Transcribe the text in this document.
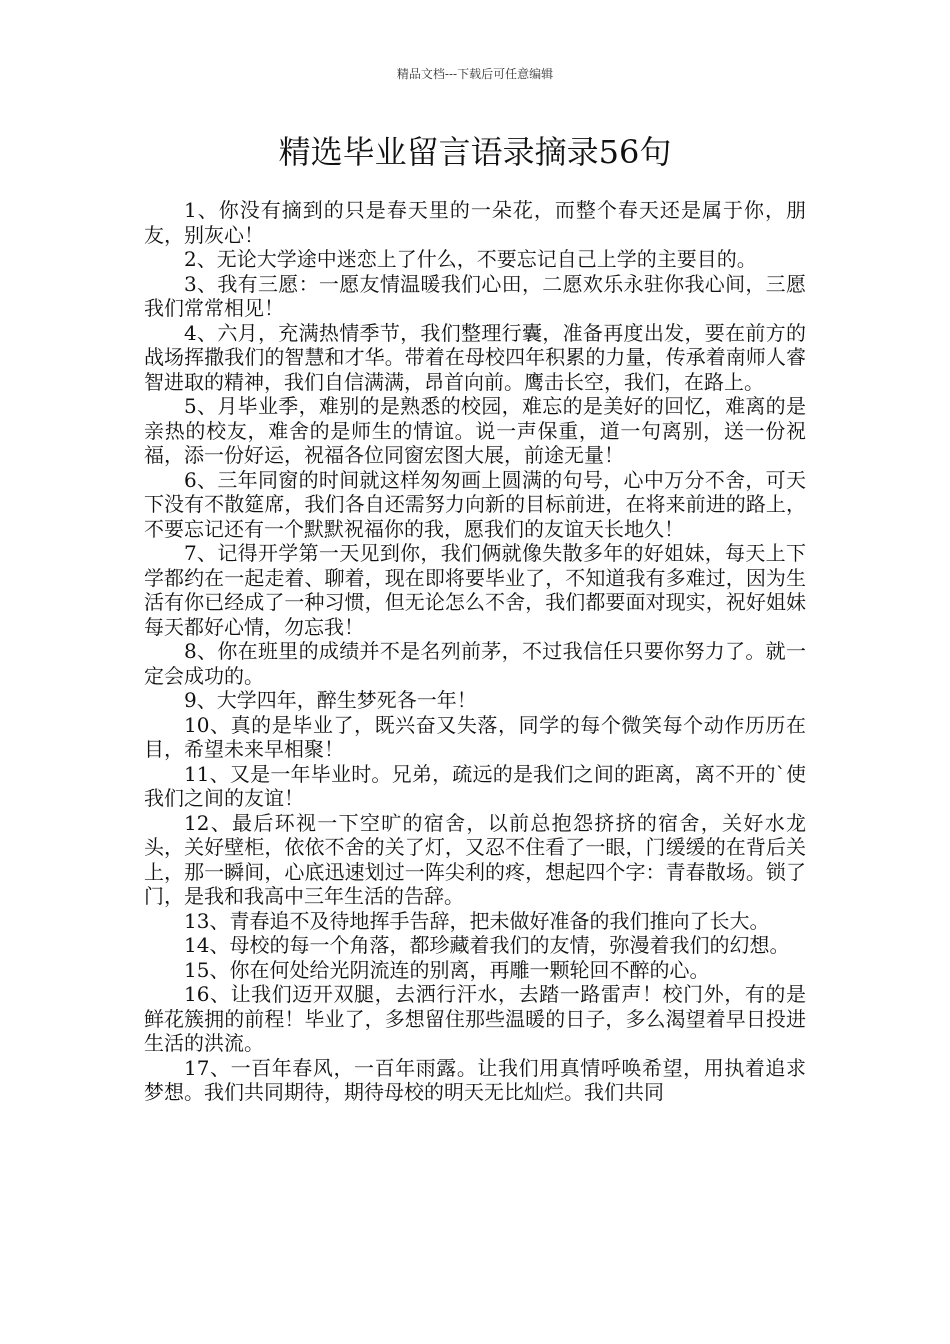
精品文档---下载后可任意编辑
精选毕业留言语录摘录56句

1、你没有摘到的只是春天里的一朵花，而整个春天还是属于你，朋友，别灰心！

2、无论大学途中迷恋上了什么，不要忘记自己上学的主要目的。

3、我有三愿：一愿友情温暖我们心田，二愿欢乐永驻你我心间，三愿我们常常相见！

4、六月，充满热情季节，我们整理行囊，准备再度出发，要在前方的战场挥撒我们的智慧和才华。带着在母校四年积累的力量，传承着南师人睿智进取的精神，我们自信满满，昂首向前。鹰击长空，我们，在路上。

5、月毕业季，难别的是熟悉的校园，难忘的是美好的回忆，难离的是亲热的校友，难舍的是师生的情谊。说一声保重，道一句离别，送一份祝福，添一份好运，祝福各位同窗宏图大展，前途无量！

6、三年同窗的时间就这样匆匆画上圆满的句号，心中万分不舍，可天下没有不散筵席，我们各自还需努力向新的目标前进，在将来前进的路上，不要忘记还有一个默默祝福你的我，愿我们的友谊天长地久！

7、记得开学第一天见到你，我们俩就像失散多年的好姐妹，每天上下学都约在一起走着、聊着，现在即将要毕业了，不知道我有多难过，因为生活有你已经成了一种习惯，但无论怎么不舍，我们都要面对现实，祝好姐妹每天都好心情，勿忘我！

8、你在班里的成绩并不是名列前茅，不过我信任只要你努力了。就一定会成功的。

9、大学四年，醉生梦死各一年！

10、真的是毕业了，既兴奋又失落，同学的每个微笑每个动作历历在目，希望未来早相聚！

11、又是一年毕业时。兄弟，疏远的是我们之间的距离，离不开的`使我们之间的友谊！

12、最后环视一下空旷的宿舍，以前总抱怨挤挤的宿舍，关好水龙头，关好壁柜，依依不舍的关了灯，又忍不住看了一眼，门缓缓的在背后关上，那一瞬间，心底迅速划过一阵尖利的疼，想起四个字：青春散场。锁了门，是我和我高中三年生活的告辞。

13、青春追不及待地挥手告辞，把未做好准备的我们推向了长大。

14、母校的每一个角落，都珍藏着我们的友情，弥漫着我们的幻想。

15、你在何处给光阴流连的别离，再雕一颗轮回不醉的心。

16、让我们迈开双腿，去洒行汗水，去踏一路雷声！校门外，有的是鲜花簇拥的前程！毕业了，多想留住那些温暖的日子，多么渴望着早日投进生活的洪流。

17、一百年春风，一百年雨露。让我们用真情呼唤希望，用执着追求梦想。我们共同期待，期待母校的明天无比灿烂。我们共同
